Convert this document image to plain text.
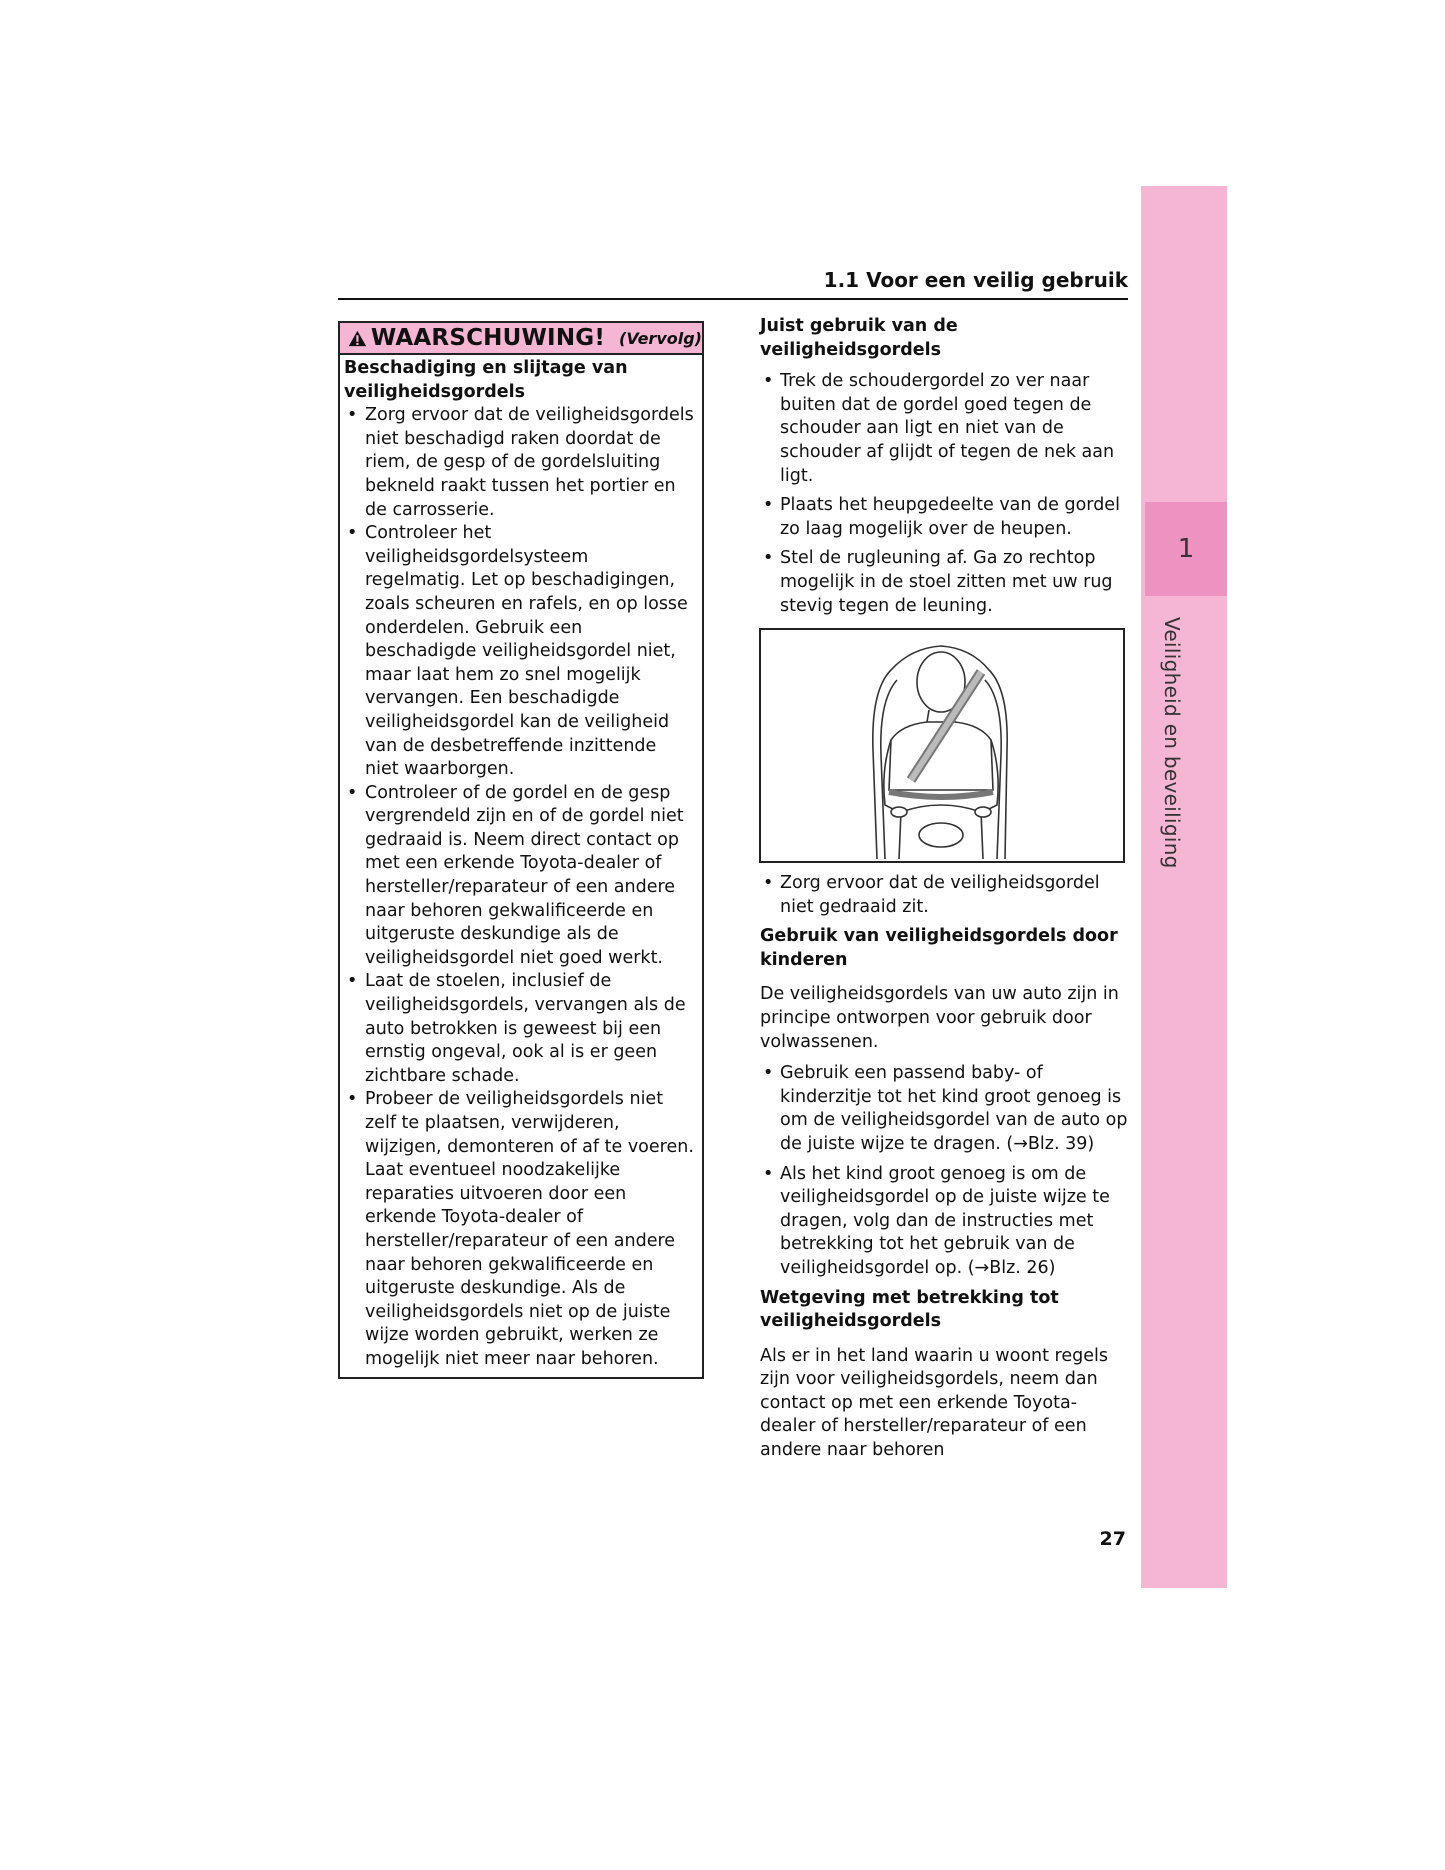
1
Veiligheid en beveiliging
1.1 Voor een veilig gebruik
WAARSCHUWING! (Vervolg)
Beschadiging en slijtage van veiligheidsgordels
• Zorg ervoor dat de veiligheidsgordels niet beschadigd raken doordat de riem, de gesp of de gordelsluiting bekneld raakt tussen het portier en de carrosserie.
• Controleer het veiligheidsgordelsysteem regelmatig. Let op beschadigingen, zoals scheuren en rafels, en op losse onderdelen. Gebruik een beschadigde veiligheidsgordel niet, maar laat hem zo snel mogelijk vervangen. Een beschadigde veiligheidsgordel kan de veiligheid van de desbetreffende inzittende niet waarborgen.
• Controleer of de gordel en de gesp vergrendeld zijn en of de gordel niet gedraaid is. Neem direct contact op met een erkende Toyota-dealer of hersteller/reparateur of een andere naar behoren gekwalificeerde en uitgeruste deskundige als de veiligheidsgordel niet goed werkt.
• Laat de stoelen, inclusief de veiligheidsgordels, vervangen als de auto betrokken is geweest bij een ernstig ongeval, ook al is er geen zichtbare schade.
• Probeer de veiligheidsgordels niet zelf te plaatsen, verwijderen, wijzigen, demonteren of af te voeren. Laat eventueel noodzakelijke reparaties uitvoeren door een erkende Toyota-dealer of hersteller/reparateur of een andere naar behoren gekwalificeerde en uitgeruste deskundige. Als de veiligheidsgordels niet op de juiste wijze worden gebruikt, werken ze mogelijk niet meer naar behoren.
Juist gebruik van de veiligheidsgordels
• Trek de schoudergordel zo ver naar buiten dat de gordel goed tegen de schouder aan ligt en niet van de schouder af glijdt of tegen de nek aan ligt.
• Plaats het heupgedeelte van de gordel zo laag mogelijk over de heupen.
• Stel de rugleuning af. Ga zo rechtop mogelijk in de stoel zitten met uw rug stevig tegen de leuning.
• Zorg ervoor dat de veiligheidsgordel niet gedraaid zit.
Gebruik van veiligheidsgordels door kinderen

De veiligheidsgordels van uw auto zijn in principe ontworpen voor gebruik door volwassenen.

• Gebruik een passend baby- of kinderzitje tot het kind groot genoeg is om de veiligheidsgordel van de auto op de juiste wijze te dragen. (→Blz. 39)
• Als het kind groot genoeg is om de veiligheidsgordel op de juiste wijze te dragen, volg dan de instructies met betrekking tot het gebruik van de veiligheidsgordel op. (→Blz. 26)
Wetgeving met betrekking tot veiligheidsgordels

Als er in het land waarin u woont regels zijn voor veiligheidsgordels, neem dan contact op met een erkende Toyota-dealer of hersteller/reparateur of een andere naar behoren

27
